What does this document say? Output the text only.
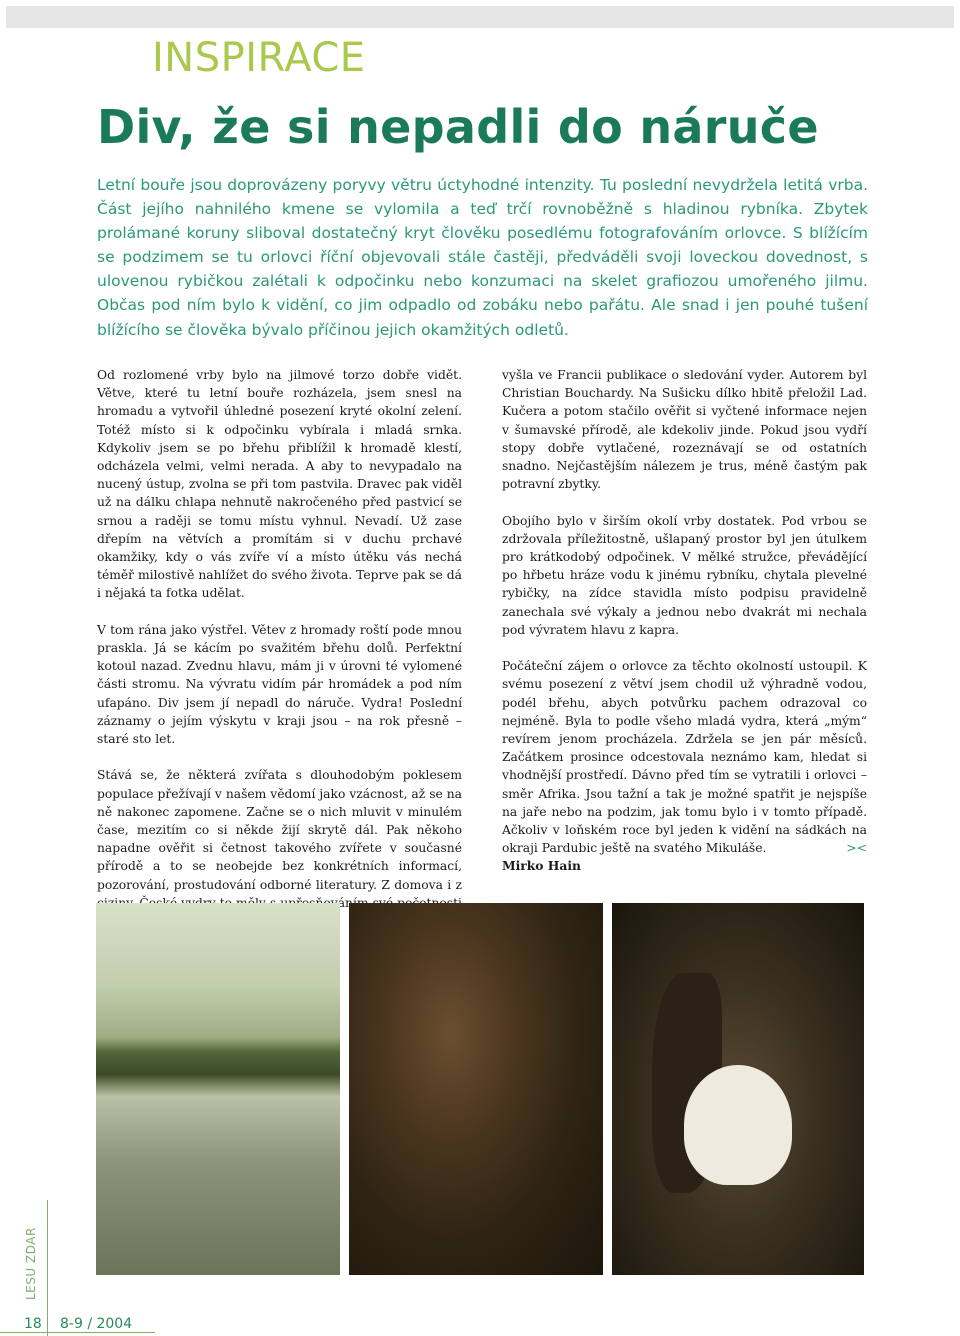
INSPIRACE
Div, že si nepadli do náruče

Letní bouře jsou doprovázeny poryvy větru úctyhodné intenzity. Tu poslední nevydržela letitá vrba. Část jejího nahnilého kmene se vylomila a teď trčí rovnoběžně s hladinou rybníka. Zbytek prolámané koruny sliboval dostatečný kryt člověku posedlému fotografováním orlovce. S blížícím se podzimem se tu orlovci říční objevovali stále častěji, předváděli svoji loveckou dovednost, s ulovenou rybičkou zalétali k odpočinku nebo konzumaci na skelet grafiozou umořeného jilmu. Občas pod ním bylo k vidění, co jim odpadlo od zobáku nebo pařátu. Ale snad i jen pouhé tušení blížícího se člověka bývalo příčinou jejich okamžitých odletů.

Od rozlomené vrby bylo na jilmové torzo dobře vidět. Větve, které tu letní bouře rozházela, jsem snesl na hromadu a vytvořil úhledné posezení kryté okolní zelení. Totéž místo si k odpočinku vybírala i mladá srnka. Kdykoliv jsem se po břehu přiblížil k hromadě klestí, odcházela velmi, velmi nerada. A aby to nevypadalo na nucený ústup, zvolna se při tom pastvila. Dravec pak viděl už na dálku chlapa nehnutě nakročeného před pastvicí se srnou a raději se tomu místu vyhnul. Nevadí. Už zase dřepím na větvích a promítám si v duchu prchavé okamžiky, kdy o vás zvíře ví a místo útěku vás nechá téměř milostivě nahlížet do svého života. Teprve pak se dá i nějaká ta fotka udělat.

V tom rána jako výstřel. Větev z hromady roští pode mnou praskla. Já se kácím po svažitém břehu dolů. Perfektní kotoul nazad. Zvednu hlavu, mám ji v úrovni té vylomené části stromu. Na vývratu vidím pár hromádek a pod ním ufapáno. Div jsem jí nepadl do náruče. Vydra! Poslední záznamy o jejím výskytu v kraji jsou – na rok přesně – staré sto let.

Stává se, že některá zvířata s dlouhodobým poklesem populace přežívají v našem vědomí jako vzácnost, až se na ně nakonec zapomene. Začne se o nich mluvit v minulém čase, mezitím co si někde žijí skrytě dál. Pak někoho napadne ověřit si četnost takového zvířete v současné přírodě a to se neobejde bez konkrétních informací, pozorování, prostudování odborné literatury. Z domova i z

vyšla ve Francii publikace o sledování vyder. Autorem byl Christian Bouchardy. Na Sušicku dílko hbitě přeložil Lad. Kučera a potom stačilo ověřit si vyčtené informace nejen v šumavské přírodě, ale kdekoliv jinde. Pokud jsou vydří stopy dobře vytlačené, rozeznávají se od ostatních snadno. Nejčastějším nálezem je trus, méně častým pak potravní zbytky.

Obojího bylo v širším okolí vrby dostatek. Pod vrbou se zdržovala příležitostně, ušlapaný prostor byl jen útulkem pro krátkodobý odpočinek. V mělké stružce, převádějící po hřbetu hráze vodu k jinému rybníku, chytala plevelné rybičky, na zídce stavidla místo podpisu pravidelně zanechala své výkaly a jednou nebo dvakrát mi nechala pod vývratem hlavu z kapra.

Počáteční zájem o orlovce za těchto okolností ustoupil. K svému posezení z větví jsem chodil už výhradně vodou, podél břehu, abych potvůrku pachem odrazoval co nejméně. Byla to podle všeho mladá vydra, která „mým“ revírem jenom procházela. Zdržela se jen pár měsíců. Začátkem prosince odcestovala neznámo kam, hledat si vhodnější prostředí. Dávno před tím se vytratili i orlovci – směr Afrika. Jsou tažní a tak je možné spatřit je nejspíše na jaře nebo na podzim, jak tomu bylo i v tomto případě. Ačkoliv v loňském roce byl jeden k vidění na sádkách na okraji Pardubic ještě na svatého Mikuláše.	><

Mirko Hain

LESU ZDAR
18 8-9 / 2004
